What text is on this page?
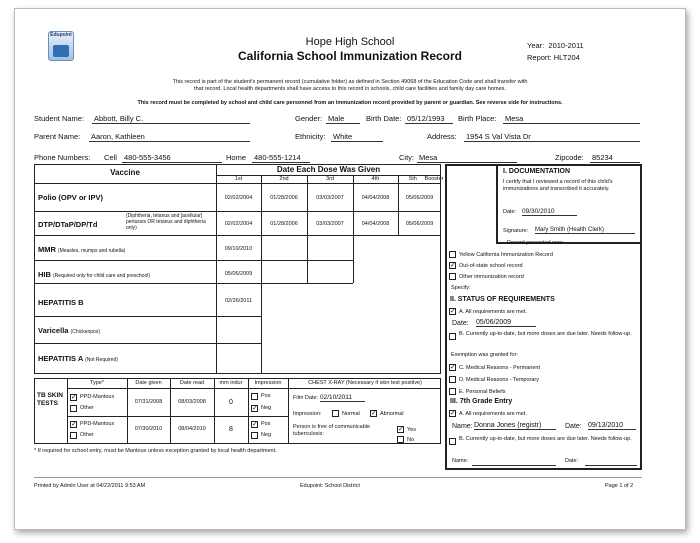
Edupoint
Hope High School
California School Immunization Record
Year: 2010-2011
Report: HLT204
This record is part of the student's permanent record (cumulative folder) as defined in Section 49068 of the Education Code and shall transfer with
that record. Local health departments shall have access to this record in schools, child care facilities and family day care homes.
This record must be completed by school and child care personnel from an immunization record provided by parent or guardian. See reverse side for instructions.
Student Name: Abbott, Billy C.	Gender: Male	Birth Date: 05/12/1993	Birth Place: Mesa
Parent Name: Aaron, Kathleen	Ethnicity: White	Address: 1954 S Val Vista Dr
Phone Numbers: Cell 480-555-3456	Home 480-555-1214	City: Mesa	Zipcode: 85234
Vaccine	Date Each Dose Was Given
1st	2nd	3rd	4th	5th	Booster
Polio (OPV or IPV)	02/02/2004	01/28/2006	03/03/2007	04/04/2008	05/06/2009
DTP/DTaP/DP/Td
(Diphtheria, tetanus and [acellular] pertussis OR tetanus and diphtheria only)
02/02/2004	01/28/2006	03/03/2007	04/04/2008	05/06/2009
MMR (Measles, mumps and rubella)	09/10/2010
HIB (Required only for child care and preschool)	05/06/2009
HEPATITIS B	02/26/2011
Varicella (Chickenpox)
HEPATITIS A (Not Required)
TB SKIN TESTS
Type*	Date given	Date read	mm indur	Impression	CHEST X-RAY (Necessary if skin test positive)
✓
PPD-Mantoux
Other
07/31/2008	08/03/2008	0
Pos
✓
Neg
✓
PPD-Mantoux
Other
07/30/2010	08/04/2010	8
✓
Pos
Neg
Film Date: 02/10/2011
Impression:	Normal
✓	Abnormal
Person is free of communicable tuberculosis:
✓
Yes
No
* If required for school entry, must be Mantoux unless exception granted by local health department.
I. DOCUMENTATION
I certify that I reviewed a record of this child's immunizations and transcribed it accurately.
Date: 09/30/2010
Signature: Mary Smith (Health Clerk)
Record presented was:
Yellow California Immunization Record
✓
Out-of-state school record
Other immunization record
Specify:
II. STATUS OF REQUIREMENTS
✓
A. All requirements are met.
Date: 05/06/2009
B. Currently up-to-date, but more doses are due later. Needs follow-up.
Exemption was granted for:
✓
C. Medical Reasons - Permanent
D. Medical Reasons - Temporary
E. Personal Beliefs
III. 7th Grade Entry
✓
A. All requirements are met.
Name: Donna Jones (registr)	Date: 09/13/2010
B. Currently up-to-date, but more doses are due later. Needs follow-up.
Name:	Date:
Printed by Admin User at 04/22/2011 9:53 AM	Edupoint: School District	Page 1 of 2
